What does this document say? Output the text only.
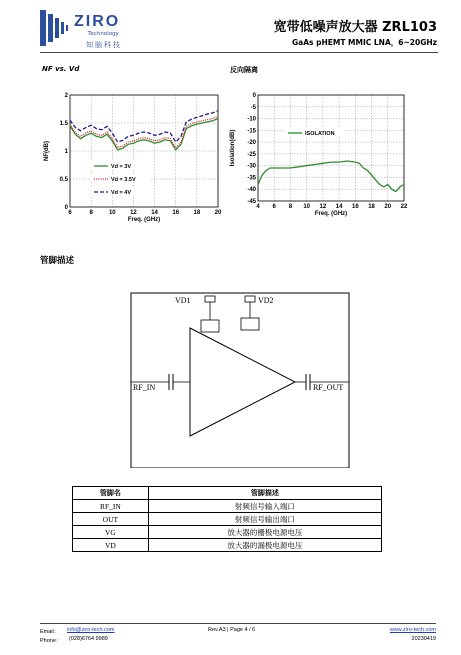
ZIRO
Technology
知脑科技
宽带低噪声放大器 ZRL103
GaAs pHEMT MMIC LNA，6~20GHz
NF vs. Vd	反向隔离
6	8	10 12 14 16 18 20
0
0.5
1
1.5
2
Freq. (GHz)
NF(dB)
Vd = 3V
Vd = 3.5V
Vd = 4V
4 6 8 10 12 14 16 18 20 22
0
-5
-10
-15
-20
-25
-30
-35
-40
-45
Freq. (GHz)
Isolation(dB)	ISOLATION
管脚描述
VD1	VD2
RF_IN	RF_OUT
管脚名	管脚描述
RF_IN	射频信号输入端口
OUT	射频信号输出端口
VG	放大器的栅极电源电压
VD	放大器的漏极电源电压
Email： info@ziro-tech.com
Phone： (028)6764 9989
Rev.A3 | Page 4 / 6	www.ziro-tech.com
20230419
